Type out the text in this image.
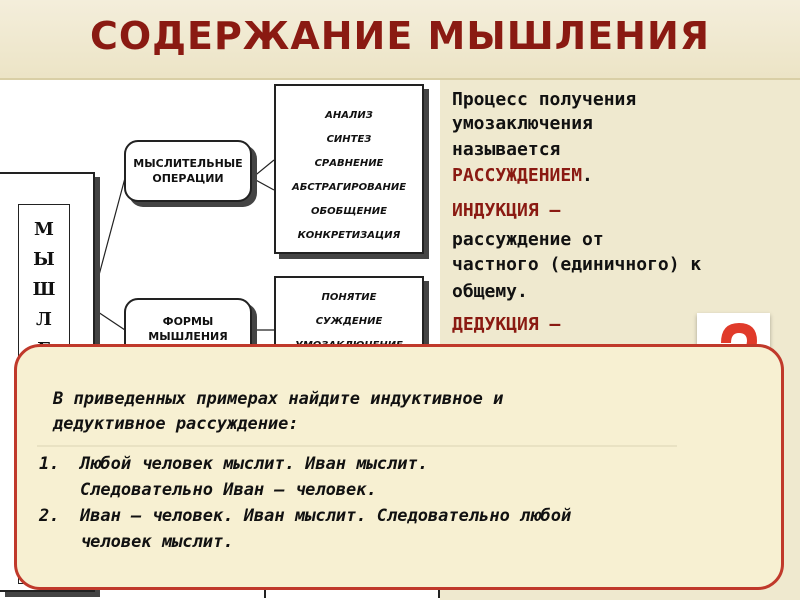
СОДЕРЖАНИЕ МЫШЛЕНИЯ
М
Ы
Ш
Л
МЫСЛИТЕЛЬНЫЕ ОПЕРАЦИИ
АНАЛИЗ
СИНТЕЗ
СРАВНЕНИЕ
АБСТРАГИРОВАНИЕ
ОБОБЩЕНИЕ
КОНКРЕТИЗАЦИЯ
ФОРМЫ МЫШЛЕНИЯ
ПОНЯТИЕ
СУЖДЕНИЕ
Процесс получения
умозаключения
называется
РАССУЖДЕНИЕМ.
ИНДУКЦИЯ –
рассуждение от
частного (единичного) к
общему.
ДЕДУКЦИЯ –
В приведенных примерах найдите индуктивное и
дедуктивное рассуждение:
1.  Любой человек мыслит. Иван мыслит.
Следовательно Иван – человек.
2.  Иван – человек. Иван мыслит. Следовательно любой
человек мыслит.
